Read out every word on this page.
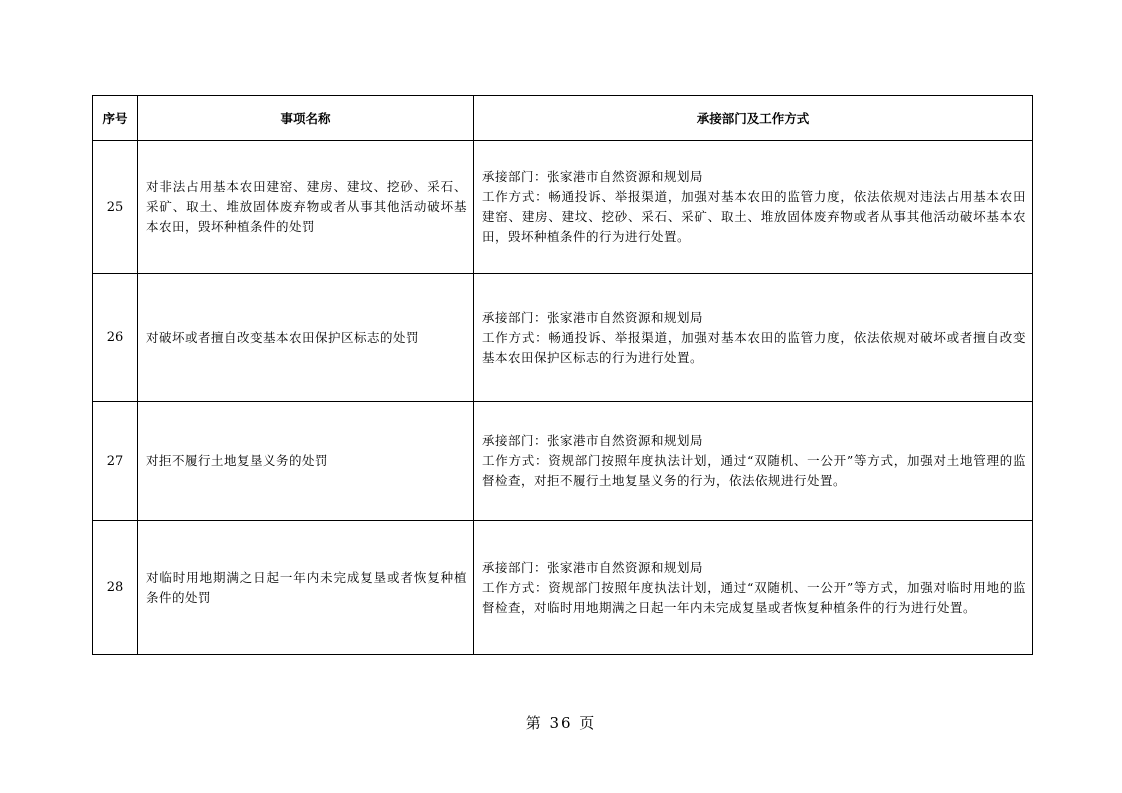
序号	事项名称	承接部门及工作方式
25	对非法占用基本农田建窑、建房、建坟、挖砂、采石、采矿、取土、堆放固体废弃物或者从事其他活动破坏基本农田，毁坏种植条件的处罚	承接部门：张家港市自然资源和规划局
工作方式：畅通投诉、举报渠道，加强对基本农田的监管力度，依法依规对违法占用基本农田建窑、建房、建坟、挖砂、采石、采矿、取土、堆放固体废弃物或者从事其他活动破坏基本农田，毁坏种植条件的行为进行处置。

26	对破坏或者擅自改变基本农田保护区标志的处罚	承接部门：张家港市自然资源和规划局
工作方式：畅通投诉、举报渠道，加强对基本农田的监管力度，依法依规对破坏或者擅自改变基本农田保护区标志的行为进行处置。

27	对拒不履行土地复垦义务的处罚	承接部门：张家港市自然资源和规划局
工作方式：资规部门按照年度执法计划，通过“双随机、一公开”等方式，加强对土地管理的监督检查，对拒不履行土地复垦义务的行为，依法依规进行处置。

28	对临时用地期满之日起一年内未完成复垦或者恢复种植条件的处罚	承接部门：张家港市自然资源和规划局
工作方式：资规部门按照年度执法计划，通过“双随机、一公开”等方式，加强对临时用地的监督检查，对临时用地期满之日起一年内未完成复垦或者恢复种植条件的行为进行处置。
第 36 页
